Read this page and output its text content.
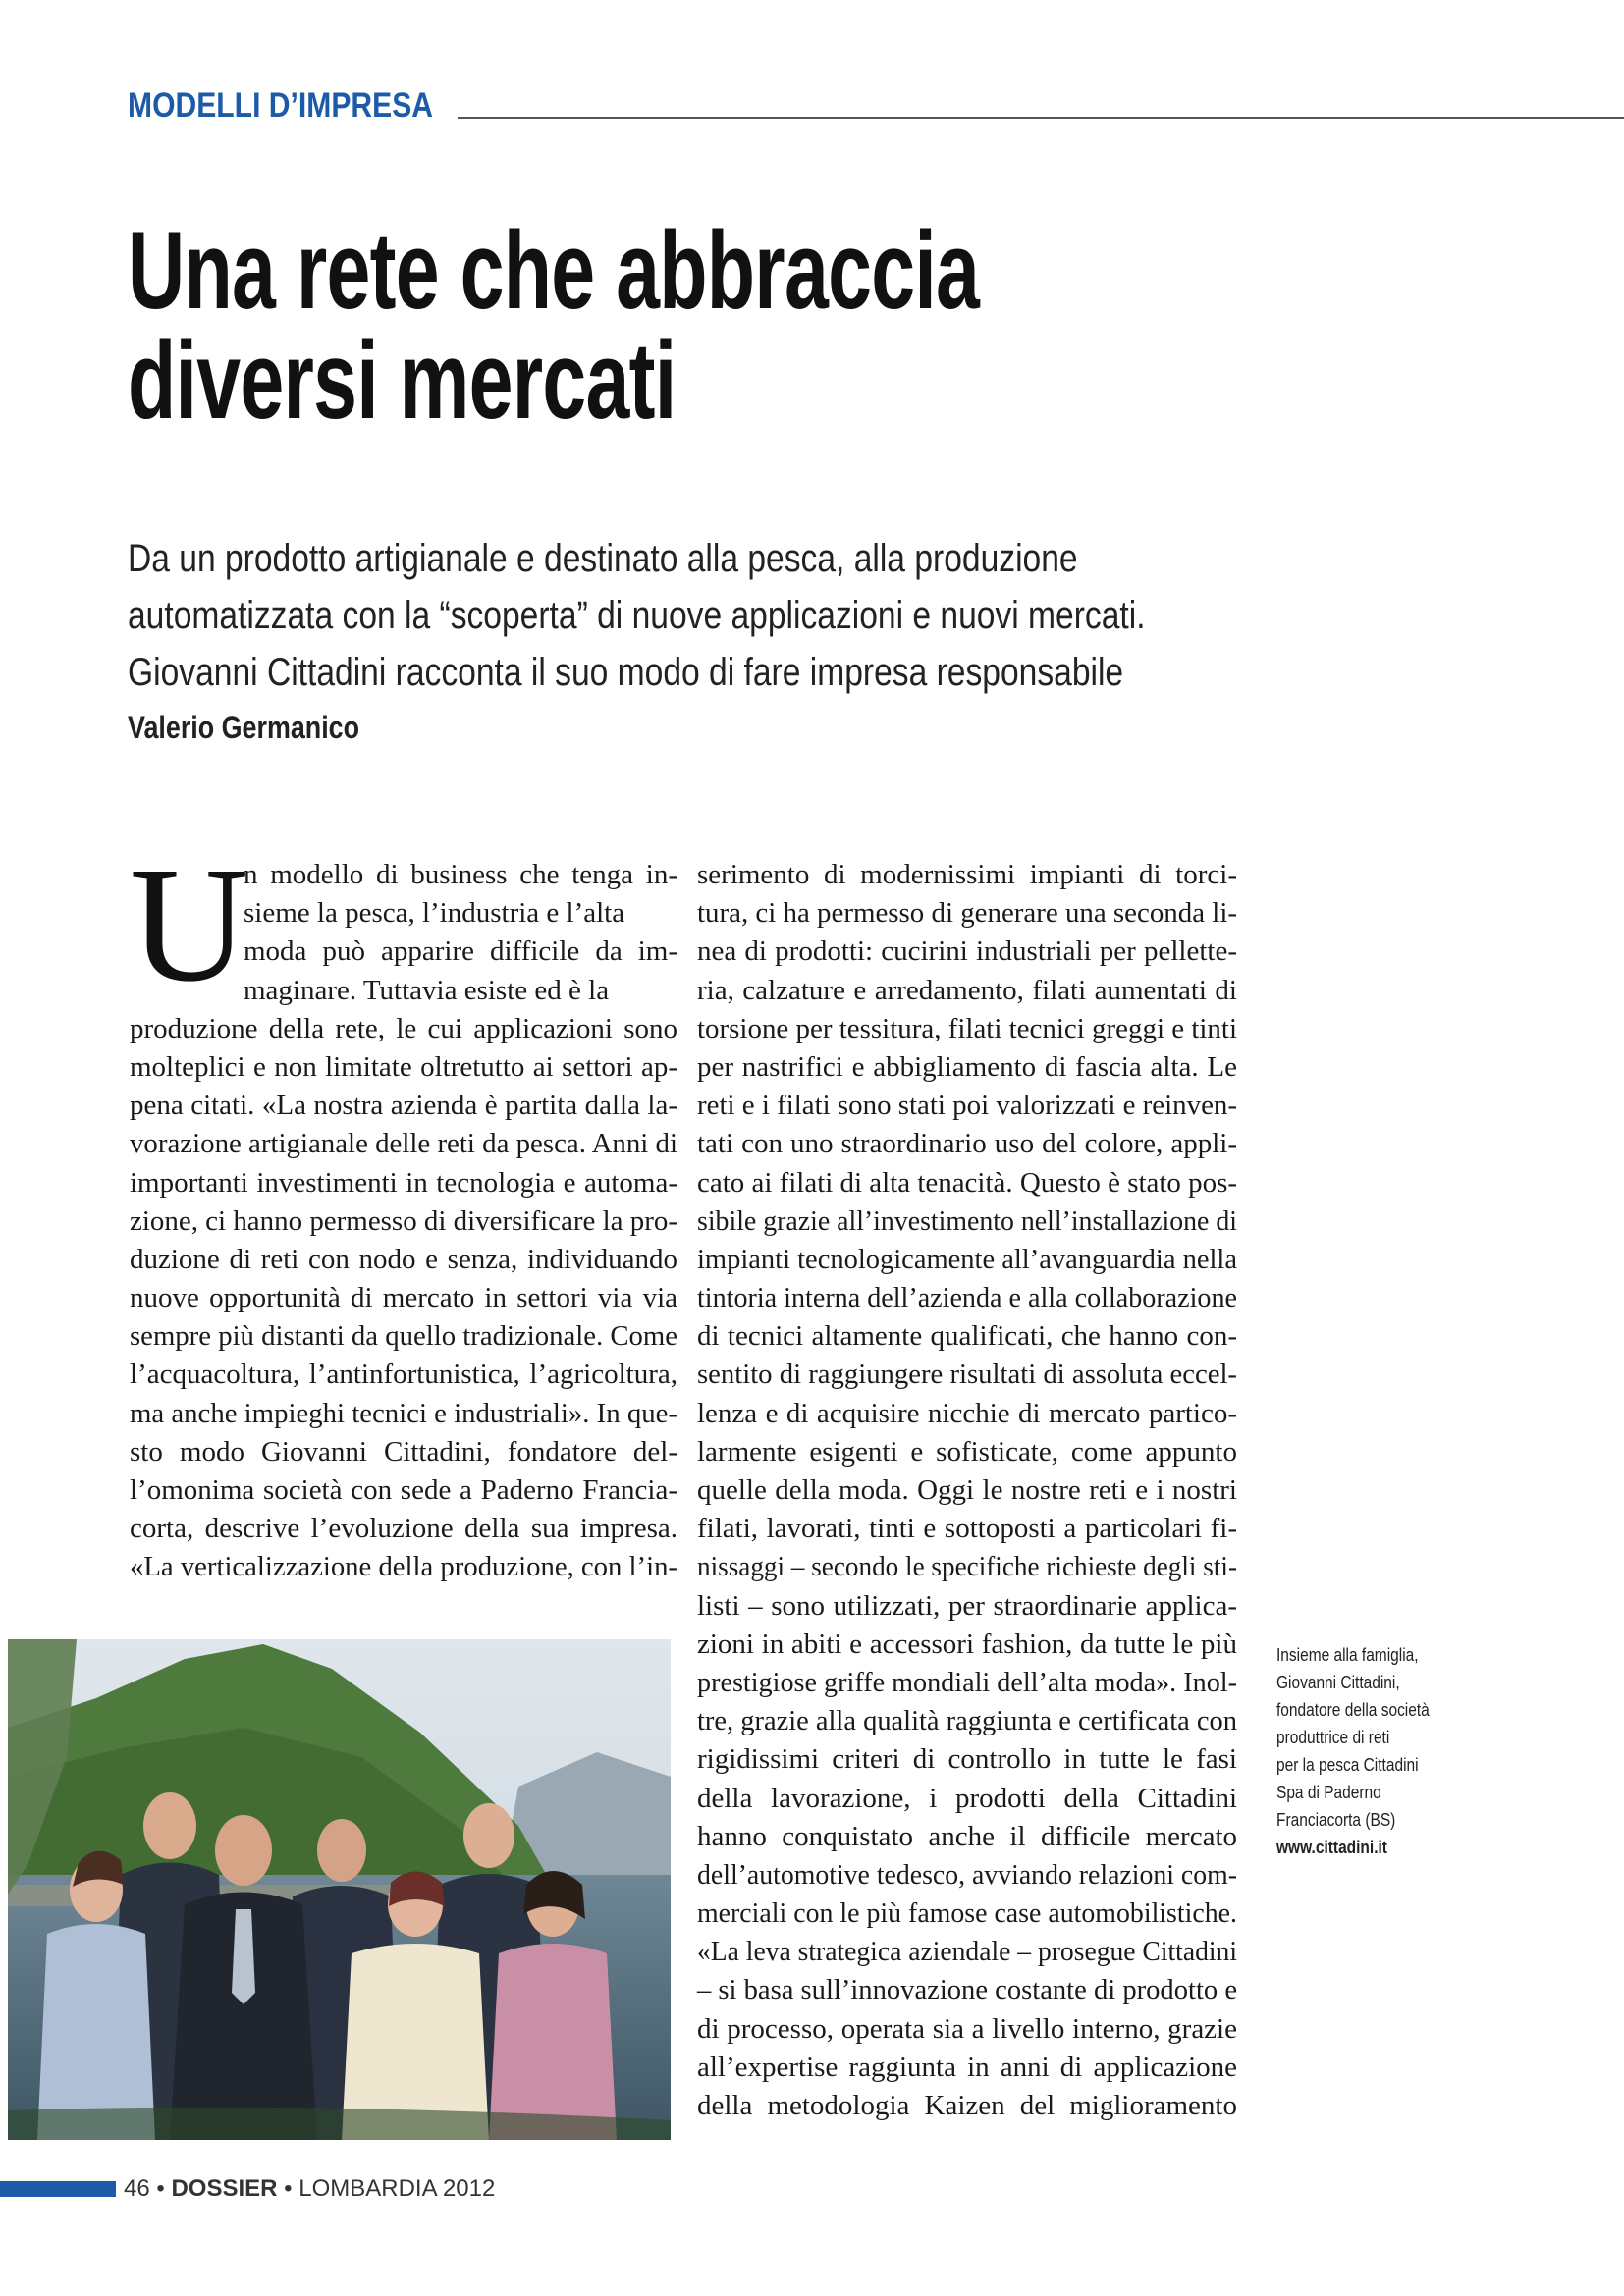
MODELLI D’IMPRESA
Una rete che abbraccia
diversi mercati
Da un prodotto artigianale e destinato alla pesca, alla produzione
automatizzata con la “scoperta” di nuove applicazioni e nuovi mercati.
Giovanni Cittadini racconta il suo modo di fare impresa responsabile
Valerio Germanico
U
n modello di business che tenga in-
sieme la pesca, l’industria e l’alta
moda può apparire difficile da im-
maginare. Tuttavia esiste ed è la
produzione della rete, le cui applicazioni sono
molteplici e non limitate oltretutto ai settori ap-
pena citati. «La nostra azienda è partita dalla la-
vorazione artigianale delle reti da pesca. Anni di
importanti investimenti in tecnologia e automa-
zione, ci hanno permesso di diversificare la pro-
duzione di reti con nodo e senza, individuando
nuove opportunità di mercato in settori via via
sempre più distanti da quello tradizionale. Come
l’acquacoltura, l’antinfortunistica, l’agricoltura,
ma anche impieghi tecnici e industriali». In que-
sto modo Giovanni Cittadini, fondatore del-
l’omonima società con sede a Paderno Francia-
corta, descrive l’evoluzione della sua impresa.
«La verticalizzazione della produzione, con l’in-
serimento di modernissimi impianti di torci-
tura, ci ha permesso di generare una seconda li-
nea di prodotti: cucirini industriali per pellette-
ria, calzature e arredamento, filati aumentati di
torsione per tessitura, filati tecnici greggi e tinti
per nastrifici e abbigliamento di fascia alta. Le
reti e i filati sono stati poi valorizzati e reinven-
tati con uno straordinario uso del colore, appli-
cato ai filati di alta tenacità. Questo è stato pos-
sibile grazie all’investimento nell’installazione di
impianti tecnologicamente all’avanguardia nella
tintoria interna dell’azienda e alla collaborazione
di tecnici altamente qualificati, che hanno con-
sentito di raggiungere risultati di assoluta eccel-
lenza e di acquisire nicchie di mercato partico-
larmente esigenti e sofisticate, come appunto
quelle della moda. Oggi le nostre reti e i nostri
filati, lavorati, tinti e sottoposti a particolari fi-
nissaggi – secondo le specifiche richieste degli sti-
listi – sono utilizzati, per straordinarie applica-
zioni in abiti e accessori fashion, da tutte le più
prestigiose griffe mondiali dell’alta moda». Inol-
tre, grazie alla qualità raggiunta e certificata con
rigidissimi criteri di controllo in tutte le fasi
della lavorazione, i prodotti della Cittadini
hanno conquistato anche il difficile mercato
dell’automotive tedesco, avviando relazioni com-
merciali con le più famose case automobilistiche.
«La leva strategica aziendale – prosegue Cittadini
– si basa sull’innovazione costante di prodotto e
di processo, operata sia a livello interno, grazie
all’expertise raggiunta in anni di applicazione
della metodologia Kaizen del miglioramento
Insieme alla famiglia,
Giovanni Cittadini,
fondatore della società
produttrice di reti
per la pesca Cittadini
Spa di Paderno
Franciacorta (BS)
www.cittadini.it
46 • DOSSIER • LOMBARDIA 2012
